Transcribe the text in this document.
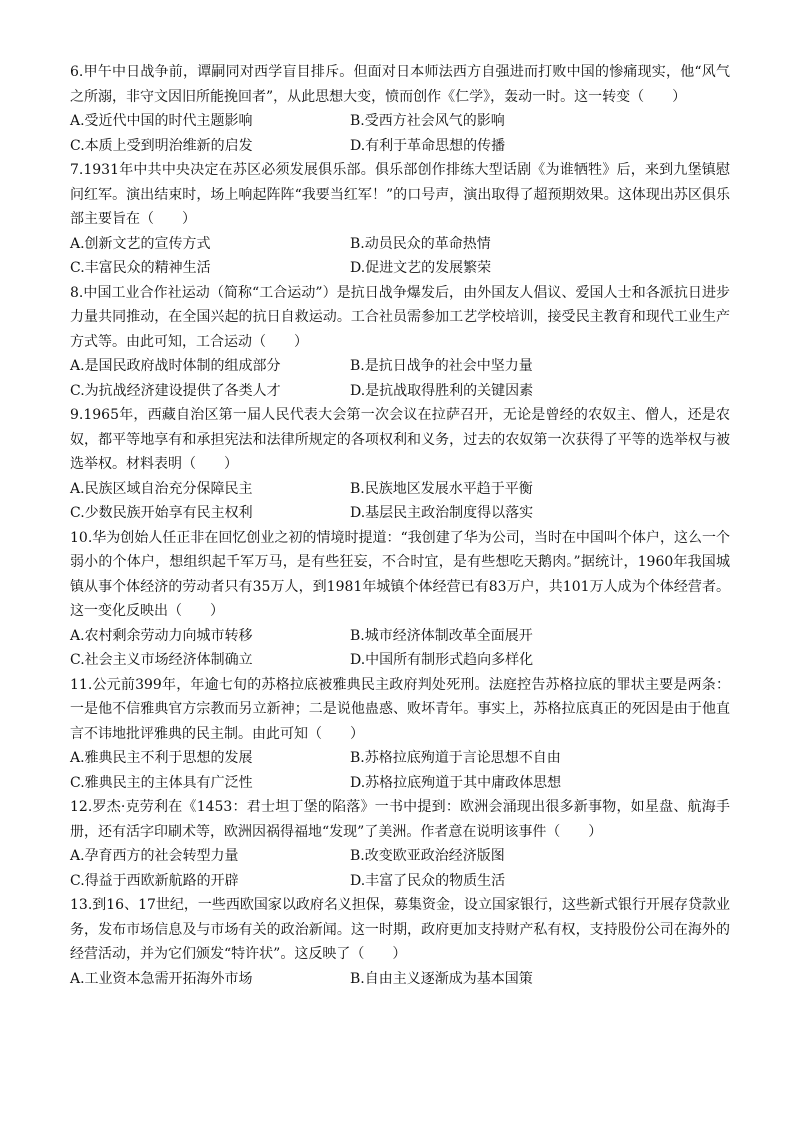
6.甲午中日战争前，谭嗣同对西学盲目排斥。但面对日本师法西方自强进而打败中国的惨痛现实，他“风气之所溺，非守文因旧所能挽回者”，从此思想大变，愤而创作《仁学》，轰动一时。这一转变（　　）
A.受近代中国的时代主题影响	B.受西方社会风气的影响
C.本质上受到明治维新的启发	D.有利于革命思想的传播
7.1931年中共中央决定在苏区必须发展俱乐部。俱乐部创作排练大型话剧《为谁牺牲》后，来到九堡镇慰问红军。演出结束时，场上响起阵阵“我要当红军！”的口号声，演出取得了超预期效果。这体现出苏区俱乐部主要旨在（　　）
A.创新文艺的宣传方式	B.动员民众的革命热情
C.丰富民众的精神生活	D.促进文艺的发展繁荣
8.中国工业合作社运动（简称“工合运动”）是抗日战争爆发后，由外国友人倡议、爱国人士和各派抗日进步力量共同推动，在全国兴起的抗日自救运动。工合社员需参加工艺学校培训，接受民主教育和现代工业生产方式等。由此可知，工合运动（　　）
A.是国民政府战时体制的组成部分	B.是抗日战争的社会中坚力量
C.为抗战经济建设提供了各类人才	D.是抗战取得胜利的关键因素
9.1965年，西藏自治区第一届人民代表大会第一次会议在拉萨召开，无论是曾经的农奴主、僧人，还是农奴，都平等地享有和承担宪法和法律所规定的各项权利和义务，过去的农奴第一次获得了平等的选举权与被选举权。材料表明（　　）
A.民族区域自治充分保障民主	B.民族地区发展水平趋于平衡
C.少数民族开始享有民主权利	D.基层民主政治制度得以落实
10.华为创始人任正非在回忆创业之初的情境时提道：“我创建了华为公司，当时在中国叫个体户，这么一个弱小的个体户，想组织起千军万马，是有些狂妄，不合时宜，是有些想吃天鹅肉。”据统计，1960年我国城镇从事个体经济的劳动者只有35万人，到1981年城镇个体经营已有83万户，共101万人成为个体经营者。这一变化反映出（　　）
A.农村剩余劳动力向城市转移	B.城市经济体制改革全面展开
C.社会主义市场经济体制确立	D.中国所有制形式趋向多样化
11.公元前399年，年逾七旬的苏格拉底被雅典民主政府判处死刑。法庭控告苏格拉底的罪状主要是两条：一是他不信雅典官方宗教而另立新神；二是说他蛊惑、败坏青年。事实上，苏格拉底真正的死因是由于他直言不讳地批评雅典的民主制。由此可知（　　）
A.雅典民主不利于思想的发展	B.苏格拉底殉道于言论思想不自由
C.雅典民主的主体具有广泛性	D.苏格拉底殉道于其中庸政体思想
12.罗杰·克劳利在《1453：君士坦丁堡的陷落》一书中提到：欧洲会涌现出很多新事物，如星盘、航海手册，还有活字印刷术等，欧洲因祸得福地“发现”了美洲。作者意在说明该事件（　　）
A.孕育西方的社会转型力量	B.改变欧亚政治经济版图
C.得益于西欧新航路的开辟	D.丰富了民众的物质生活
13.到16、17世纪，一些西欧国家以政府名义担保，募集资金，设立国家银行，这些新式银行开展存贷款业务，发布市场信息及与市场有关的政治新闻。这一时期，政府更加支持财产私有权，支持股份公司在海外的经营活动，并为它们颁发“特许状”。这反映了（　　）
A.工业资本急需开拓海外市场	B.自由主义逐渐成为基本国策
